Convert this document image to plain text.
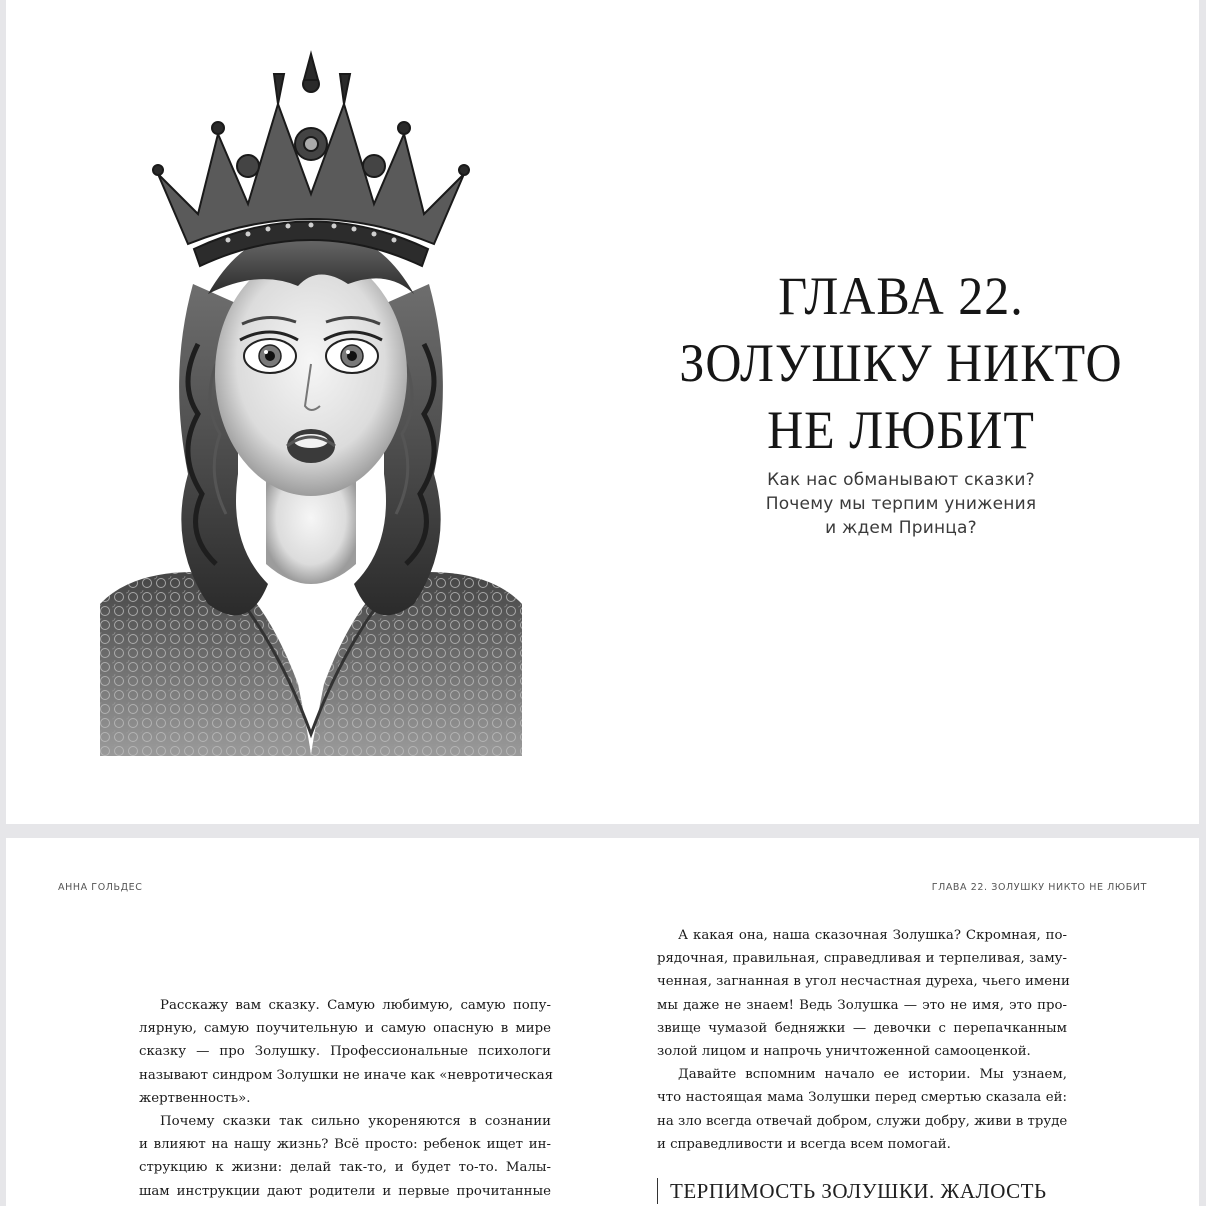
ГЛАВА 22.
ЗОЛУШКУ НИКТО
НЕ ЛЮБИТ
Как нас обманывают сказки?
Почему мы терпим унижения
и ждем Принца?
АННА ГОЛЬДЕС	ГЛАВА 22. ЗОЛУШКУ НИКТО НЕ ЛЮБИТ
Расскажу вам сказку. Самую любимую, самую попу-
лярную, самую поучительную и самую опасную в мире
сказку — про Золушку. Профессиональные психологи
называют синдром Золушки не иначе как «невротическая
жертвенность».
Почему сказки так сильно укореняются в сознании
и влияют на нашу жизнь? Всё просто: ребенок ищет ин-
струкцию к жизни: делай так-то, и будет то-то. Малы-
шам инструкции дают родители и первые прочитанные
А какая она, наша сказочная Золушка? Скромная, по-
рядочная, правильная, справедливая и терпеливая, заму-
ченная, загнанная в угол несчастная дуреха, чьего имени
мы даже не знаем! Ведь Золушка — это не имя, это про-
звище чумазой бедняжки — девочки с перепачканным
золой лицом и напрочь уничтоженной самооценкой.
Давайте вспомним начало ее истории. Мы узнаем,
что настоящая мама Золушки перед смертью сказала ей:
на зло всегда отвечай добром, служи добру, живи в труде
и справедливости и всегда всем помогай.
ТЕРПИМОСТЬ ЗОЛУШКИ. ЖАЛОСТЬ
